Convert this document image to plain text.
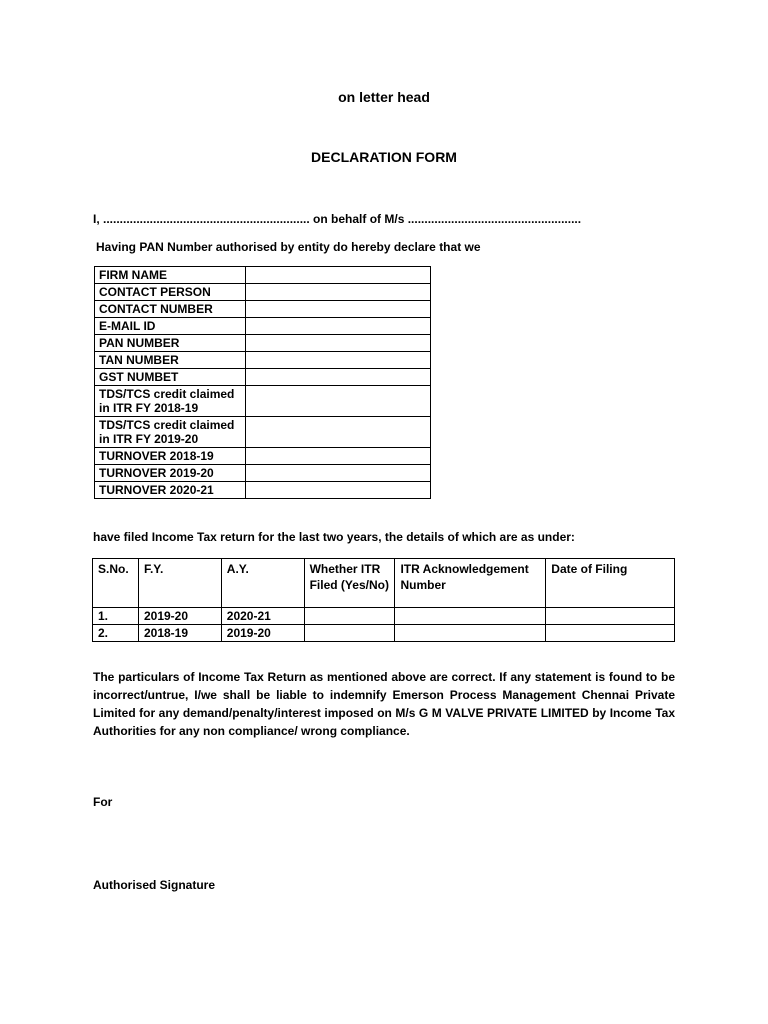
on letter head
DECLARATION FORM
I, .............................................................. on behalf of M/s ....................................................
Having PAN Number authorised by entity do hereby declare that we
FIRM NAME	
CONTACT PERSON	
CONTACT NUMBER	
E-MAIL ID	
PAN NUMBER	
TAN NUMBER	
GST NUMBET	
TDS/TCS credit claimed in ITR FY 2018-19	
TDS/TCS credit claimed in ITR FY 2019-20	
TURNOVER 2018-19	
TURNOVER 2019-20	
TURNOVER 2020-21	
have filed Income Tax return for the last two years, the details of which are as under:
S.No.	F.Y.	A.Y.	Whether ITR Filed (Yes/No)	ITR Acknowledgement Number	Date of Filing
1.	2019-20	2020-21			
2.	2018-19	2019-20			
The particulars of Income Tax Return as mentioned above are correct. If any statement is found to be incorrect/untrue, I/we shall be liable to indemnify Emerson Process Management Chennai Private Limited for any demand/penalty/interest imposed on M/s G M VALVE PRIVATE LIMITED by Income Tax Authorities for any non compliance/ wrong compliance.
For
Authorised Signature
